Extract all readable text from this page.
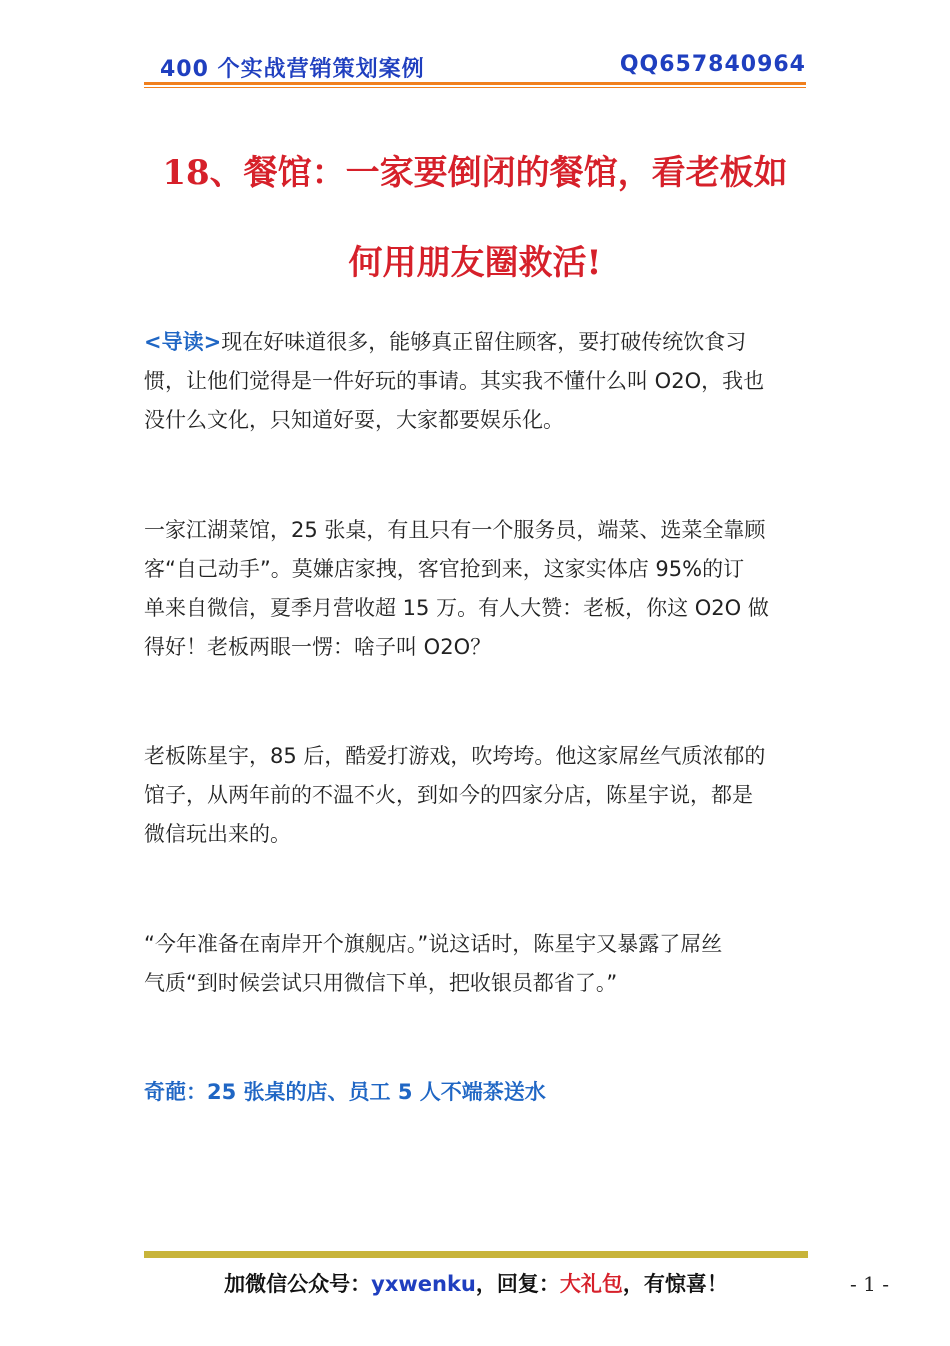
400 个实战营销策划案例	QQ657840964
18、餐馆：一家要倒闭的餐馆，看老板如
何用朋友圈救活!
<导读>现在好味道很多，能够真正留住顾客，要打破传统饮食习
惯，让他们觉得是一件好玩的事请。其实我不懂什么叫 O2O，我也
没什么文化，只知道好耍，大家都要娱乐化。
一家江湖菜馆，25 张桌，有且只有一个服务员，端菜、选菜全靠顾
客“自己动手”。莫嫌店家拽，客官抢到来，这家实体店 95%的订
单来自微信，夏季月营收超 15 万。有人大赞：老板，你这 O2O 做
得好！老板两眼一愣：啥子叫 O2O？
老板陈星宇，85 后，酷爱打游戏，吹垮垮。他这家屌丝气质浓郁的
馆子，从两年前的不温不火，到如今的四家分店，陈星宇说，都是
微信玩出来的。
“今年准备在南岸开个旗舰店。”说这话时，陈星宇又暴露了屌丝
气质“到时候尝试只用微信下单，把收银员都省了。”
奇葩：25 张桌的店、员工 5 人不端茶送水
加微信公众号：yxwenku，回复：大礼包，有惊喜！	- 1 -
